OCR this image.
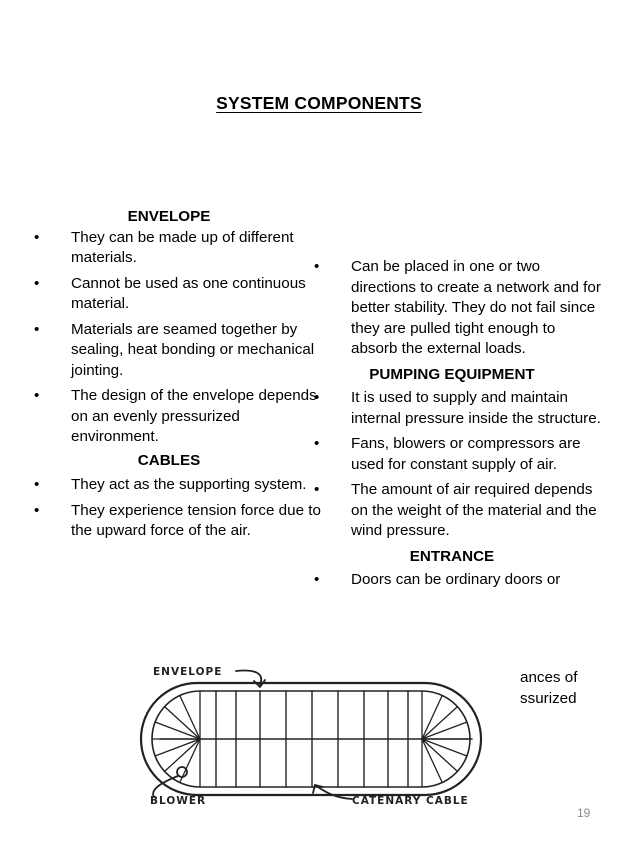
SYSTEM COMPONENTS

ENVELOPE

• They can be made up of different materials.

• Cannot be used as one continuous material.

• Materials are seamed together by sealing, heat bonding or mechanical jointing.

• The design of the envelope depends on an evenly pressurized environment.

CABLES

• They act as the supporting system.

• They experience tension force due to the upward force of the air.

• Can be placed in one or two directions to create a network and for better stability. They do not fail since they are pulled tight enough to absorb the external loads.

PUMPING EQUIPMENT

• It is used to supply and maintain internal pressure inside the structure.

• Fans, blowers or compressors are used for constant supply of air.

• The amount of air required depends on the weight of the material and the wind pressure.

ENTRANCE

• Doors can be ordinary doors or

ances of
ssurized
ENVELOPE
BLOWER	CATENARY CABLE
19
